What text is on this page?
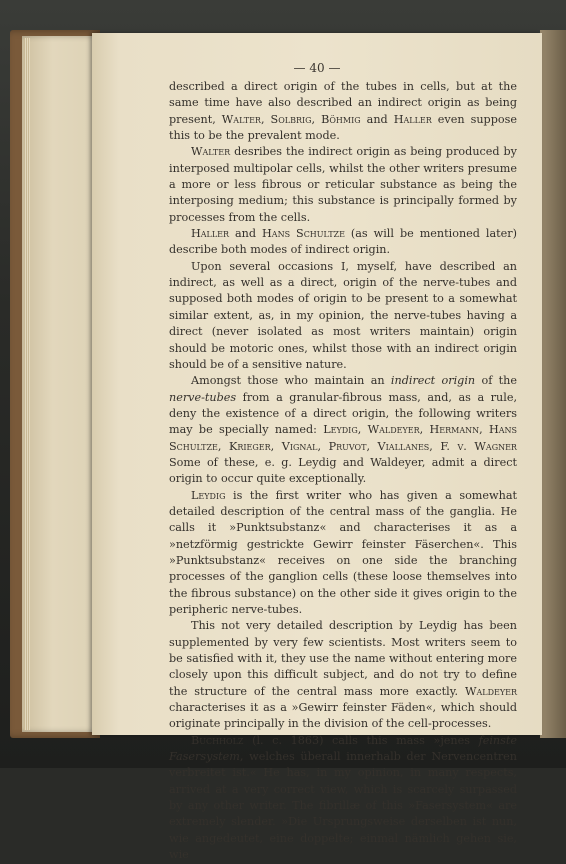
— 40 —

described a direct origin of the tubes in cells, but at the same time have also described an indirect origin as being present, Walter, Solbrig, Böhmig and Haller even suppose this to be the prevalent mode.

Walter desribes the indirect origin as being produced by interposed multipolar cells, whilst the other writers presume a more or less fibrous or reticular substance as being the interposing medium; this substance is principally formed by processes from the cells.

Haller and Hans Schultze (as will be mentioned later) describe both modes of indirect origin.

Upon several occasions I, myself, have described an indirect, as well as a direct, origin of the nerve-tubes and supposed both modes of origin to be present to a somewhat similar extent, as, in my opinion, the nerve-tubes having a direct (never isolated as most writers maintain) origin should be motoric ones, whilst those with an indirect origin should be of a sensitive nature.

Amongst those who maintain an indirect origin of the nerve-tubes from a granular-fibrous mass, and, as a rule, deny the existence of a direct origin, the following writers may be specially named: Leydig, Waldeyer, Hermann, Hans Schultze, Krieger, Vignal, Pruvot, Viallanes, F. v. Wagner Some of these, e. g. Leydig and Waldeyer, admit a direct origin to occur quite exceptionally.

Leydig is the first writer who has given a somewhat detailed description of the central mass of the ganglia. He calls it »Punktsubstanz« and characterises it as a »netzförmig gestrickte Gewirr feinster Fäserchen«. This »Punktsubstanz« receives on one side the branching processes of the ganglion cells (these loose themselves into the fibrous substance) on the other side it gives origin to the peripheric nerve-tubes.

This not very detailed description by Leydig has been supplemented by very few scientists. Most writers seem to be satisfied with it, they use the name without entering more closely upon this difficult subject, and do not try to define the structure of the central mass more exactly. Waldeyer characterises it as a »Gewirr feinster Fäden«, which should originate principally in the division of the cell-processes.

Buchholz (l. c. 1863) calls this mass »jenes feinste Fasersystem, welches überall innerhalb der Nervencentren verbreitet ist.« He has, in my opinion, in many respects, arrived at a very correct view, which is scarcely surpassed by any other writer. The fibrillæ of this »Fasersystem« are extremely slender. »Die Ursprungsweise derselben ist nun, wie angedeutet, eine doppelte; einmal nämlich gehen sie, wie
